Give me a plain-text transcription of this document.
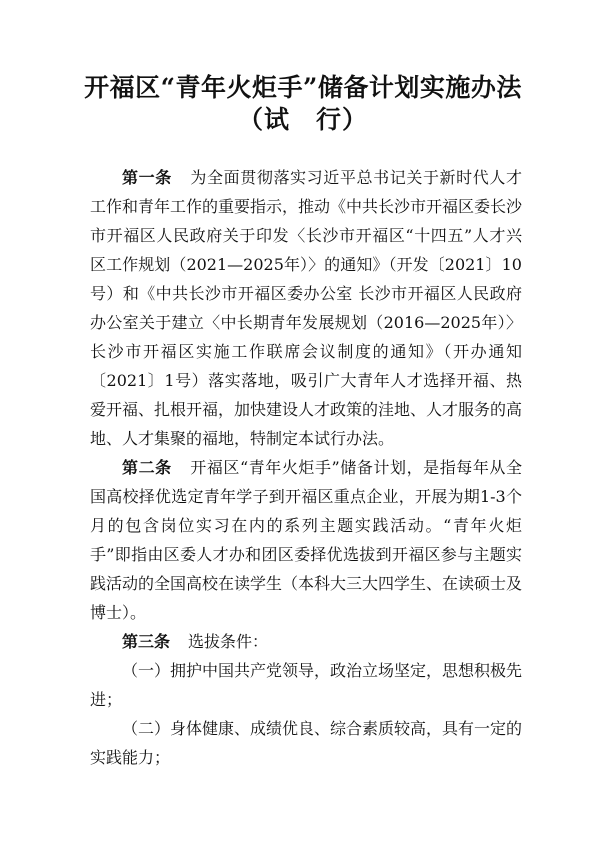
开福区“青年火炬手”储备计划实施办法
（试　行）

第一条 为全面贯彻落实习近平总书记关于新时代人才工作和青年工作的重要指示，推动《中共长沙市开福区委长沙市开福区人民政府关于印发〈长沙市开福区“十四五”人才兴区工作规划（2021—2025年）〉的通知》（开发〔2021〕10号）和《中共长沙市开福区委办公室 长沙市开福区人民政府办公室关于建立〈中长期青年发展规划（2016—2025年）〉长沙市开福区实施工作联席会议制度的通知》（开办通知〔2021〕1号）落实落地，吸引广大青年人才选择开福、热爱开福、扎根开福，加快建设人才政策的洼地、人才服务的高地、人才集聚的福地，特制定本试行办法。

第二条 开福区“青年火炬手”储备计划，是指每年从全国高校择优选定青年学子到开福区重点企业，开展为期1-3个月的包含岗位实习在内的系列主题实践活动。“青年火炬手”即指由区委人才办和团区委择优选拔到开福区参与主题实践活动的全国高校在读学生（本科大三大四学生、在读硕士及博士）。

第三条 选拔条件：

（一）拥护中国共产党领导，政治立场坚定，思想积极先进；

（二）身体健康、成绩优良、综合素质较高，具有一定的实践能力；
